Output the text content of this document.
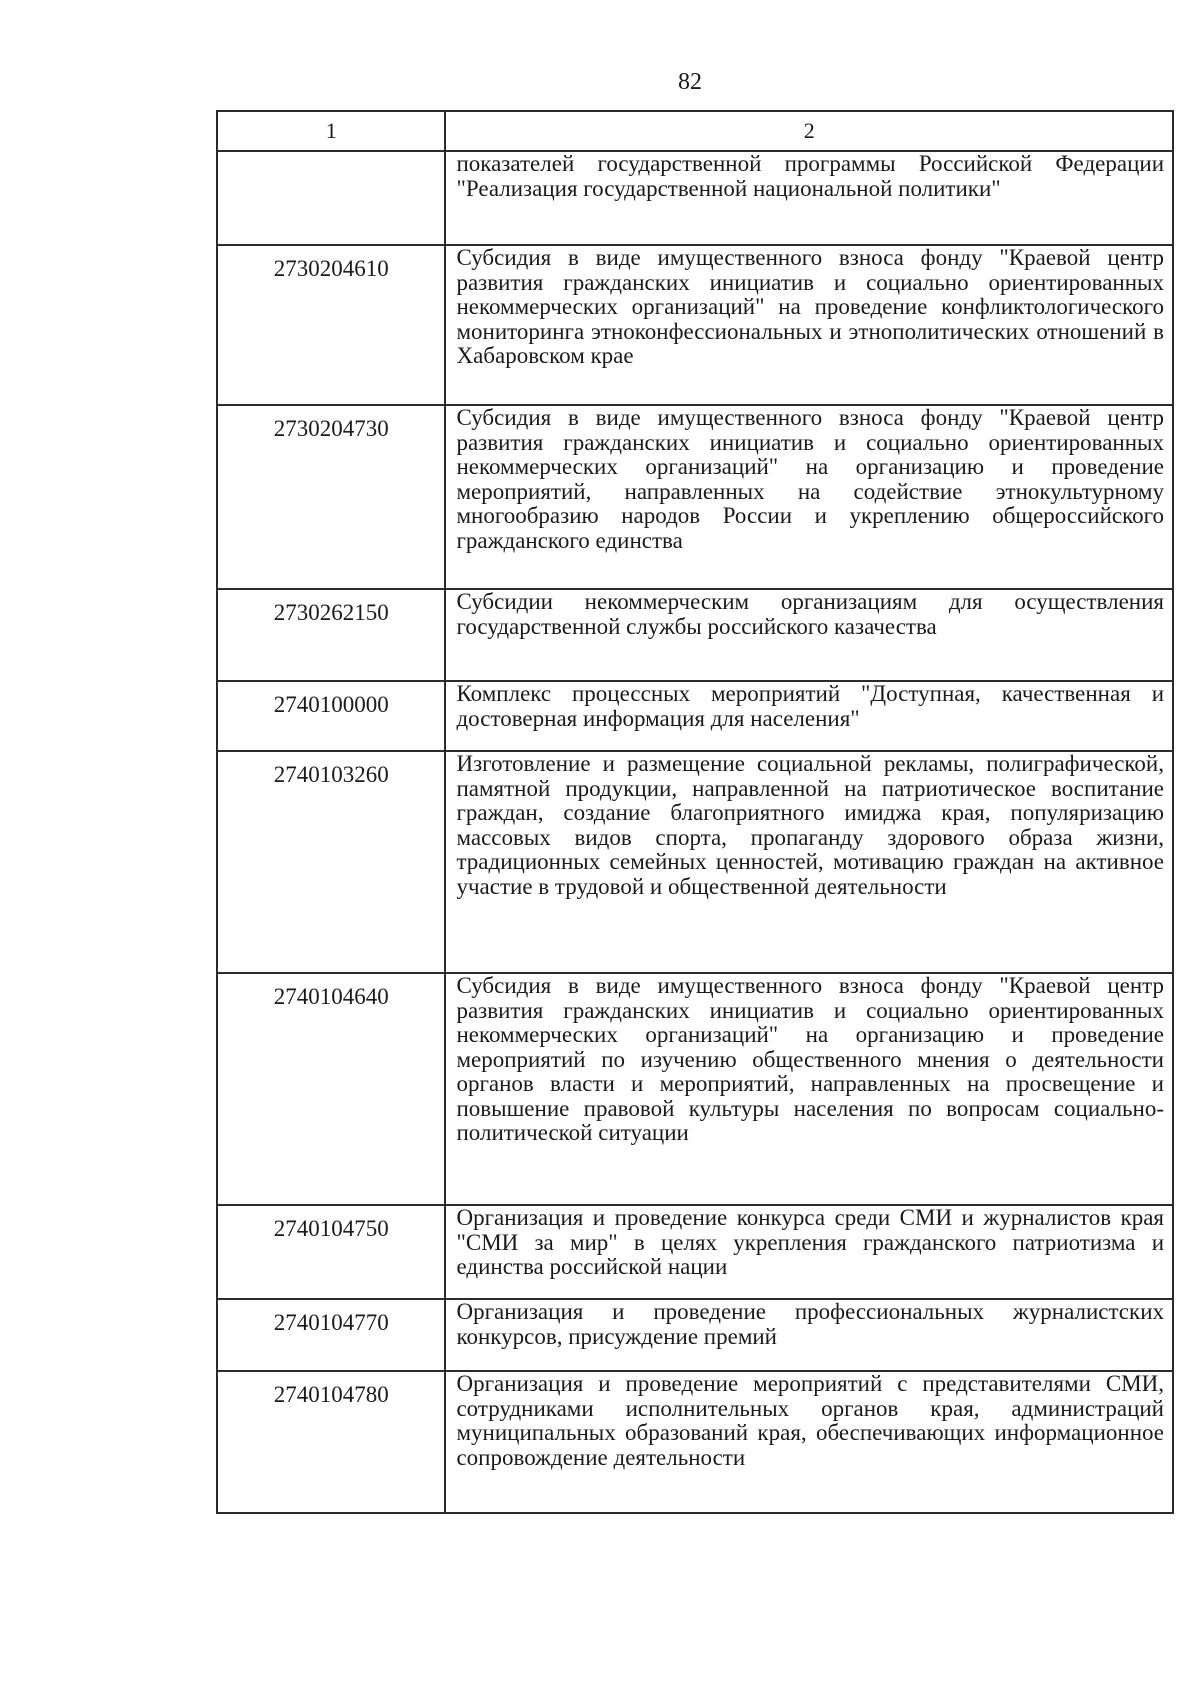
82
1	2
	показателей государственной программы Российской Федерации "Реализация государственной национальной политики"
2730204610	Субсидия в виде имущественного взноса фонду "Краевой центр развития гражданских инициатив и социально ориентированных некоммерческих организаций" на проведение конфликтологического мониторинга этноконфессиональных и этнополитических отношений в Хабаровском крае
2730204730	Субсидия в виде имущественного взноса фонду "Краевой центр развития гражданских инициатив и социально ориентированных некоммерческих организаций" на организацию и проведение мероприятий, направленных на содействие этнокультурному многообразию народов России и укреплению общероссийского гражданского единства
2730262150	Субсидии некоммерческим организациям для осуществления государственной службы российского казачества
2740100000	Комплекс процессных мероприятий "Доступная, качественная и достоверная информация для населения"
2740103260	Изготовление и размещение социальной рекламы, полиграфической, памятной продукции, направленной на патриотическое воспитание граждан, создание благоприятного имиджа края, популяризацию массовых видов спорта, пропаганду здорового образа жизни, традиционных семейных ценностей, мотивацию граждан на активное участие в трудовой и общественной деятельности
2740104640	Субсидия в виде имущественного взноса фонду "Краевой центр развития гражданских инициатив и социально ориентированных некоммерческих организаций" на организацию и проведение мероприятий по изучению общественного мнения о деятельности органов власти и мероприятий, направленных на просвещение и повышение правовой культуры населения по вопросам социально-политической ситуации
2740104750	Организация и проведение конкурса среди СМИ и журналистов края "СМИ за мир" в целях укрепления гражданского патриотизма и единства российской нации
2740104770	Организация и проведение профессиональных журналистских конкурсов, присуждение премий
2740104780	Организация и проведение мероприятий с представителями СМИ, сотрудниками исполнительных органов края, администраций муниципальных образований края, обеспечивающих информационное сопровождение деятельности
